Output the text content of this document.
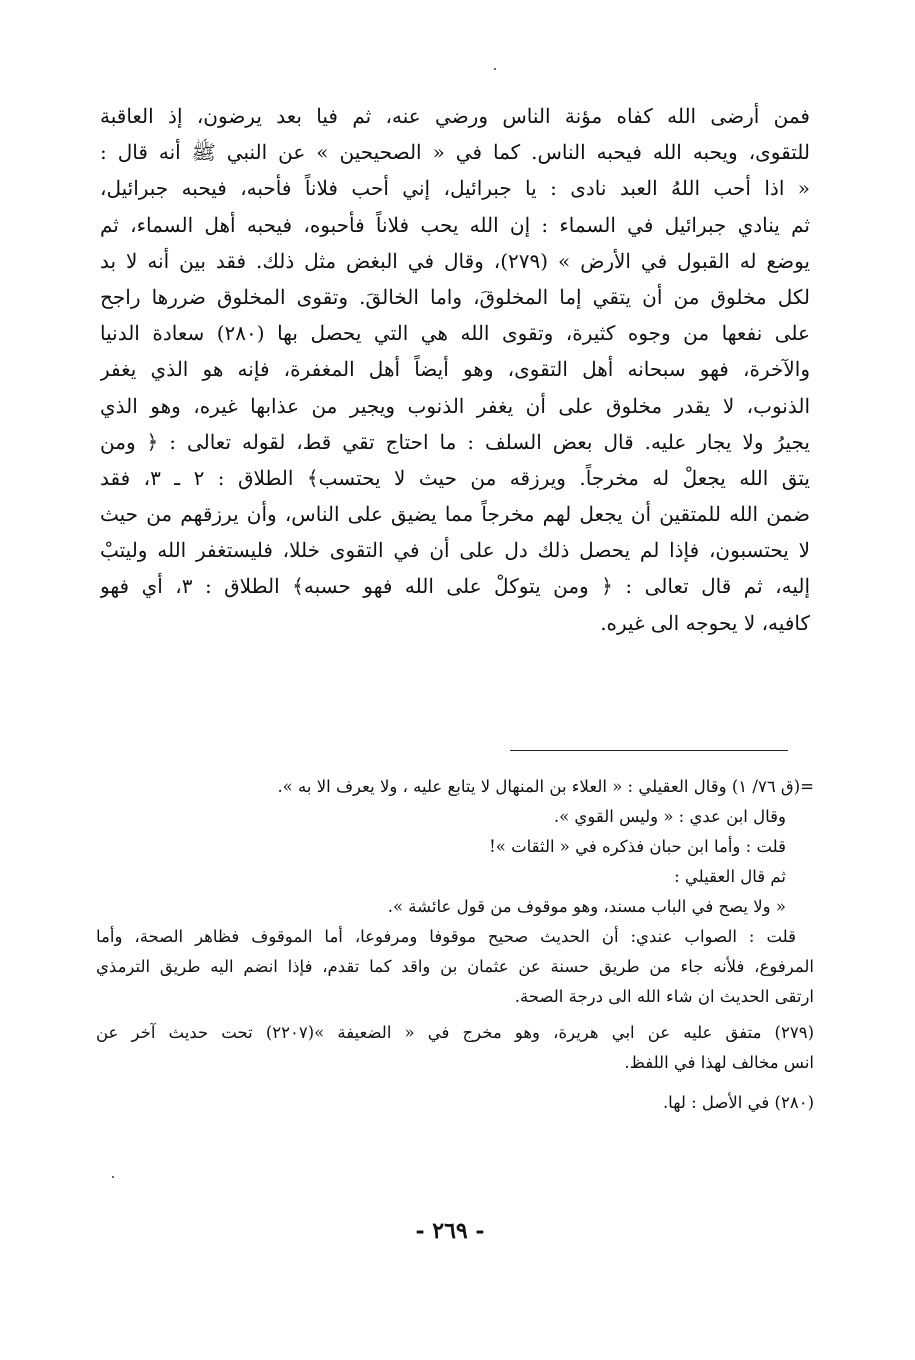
فمن أرضى الله كفاه مؤنة الناس ورضي عنه، ثم فيا بعد يرضون، إذ العاقبة
للتقوى، ويحبه الله فيحبه الناس. كما في « الصحيحين » عن النبي ﷺ أنه قال :
« اذا أحب اللهُ العبد نادى : يا جبرائيل، إني أحب فلاناً فأحبه، فيحبه جبرائيل،
ثم ينادي جبرائيل في السماء : إن الله يحب فلاناً فأحبوه، فيحبه أهل السماء، ثم
يوضع له القبول في الأرض » (٢٧٩)، وقال في البغض مثل ذلك. فقد بين أنه لا بد
لكل مخلوق من أن يتقي إما المخلوقَ، واما الخالقَ. وتقوى المخلوق ضررها راجح
على نفعها من وجوه كثيرة، وتقوى الله هي التي يحصل بها (٢٨٠) سعادة الدنيا
والآخرة، فهو سبحانه أهل التقوى، وهو أيضاً أهل المغفرة، فإنه هو الذي يغفر
الذنوب، لا يقدر مخلوق على أن يغفر الذنوب ويجير من عذابها غيره، وهو الذي
يجيرُ ولا يجار عليه. قال بعض السلف : ما احتاج تقي قط، لقوله تعالى : ﴿ ومن
يتق الله يجعلْ له مخرجاً. ويرزقه من حيث لا يحتسب﴾ الطلاق : ٢ ـ ٣، فقد
ضمن الله للمتقين أن يجعل لهم مخرجاً مما يضيق على الناس، وأن يرزقهم من حيث
لا يحتسبون، فإذا لم يحصل ذلك دل على أن في التقوى خللا، فليستغفر الله وليتبْ
إليه، ثم قال تعالى : ﴿ ومن يتوكلْ على الله فهو حسبه﴾ الطلاق : ٣، أي فهو
كافيه، لا يحوجه الى غيره.
=(ق ٧٦/ ١) وقال العقيلي : « العلاء بن المنهال لا يتابع عليه ، ولا يعرف الا به ».
وقال ابن عدي : « وليس القوي ».
قلت : وأما ابن حبان فذكره في « الثقات »!
ثم قال العقيلي :
« ولا يصح في الباب مسند، وهو موقوف من قول عائشة ».
قلت : الصواب عندي: أن الحديث صحيح موقوفا ومرفوعا، أما الموقوف فظاهر الصحة، وأما
المرفوع، فلأنه جاء من طريق حسنة عن عثمان بن واقد كما تقدم، فإذا انضم اليه طريق الترمذي
ارتقى الحديث ان شاء الله الى درجة الصحة.
(٢٧٩) متفق عليه عن ابي هريرة، وهو مخرج في « الضعيفة »(٢٢٠٧) تحت حديث آخر عن
انس مخالف لهذا في اللفظ.
(٢٨٠) في الأصل : لها.
- ٢٦٩ -
